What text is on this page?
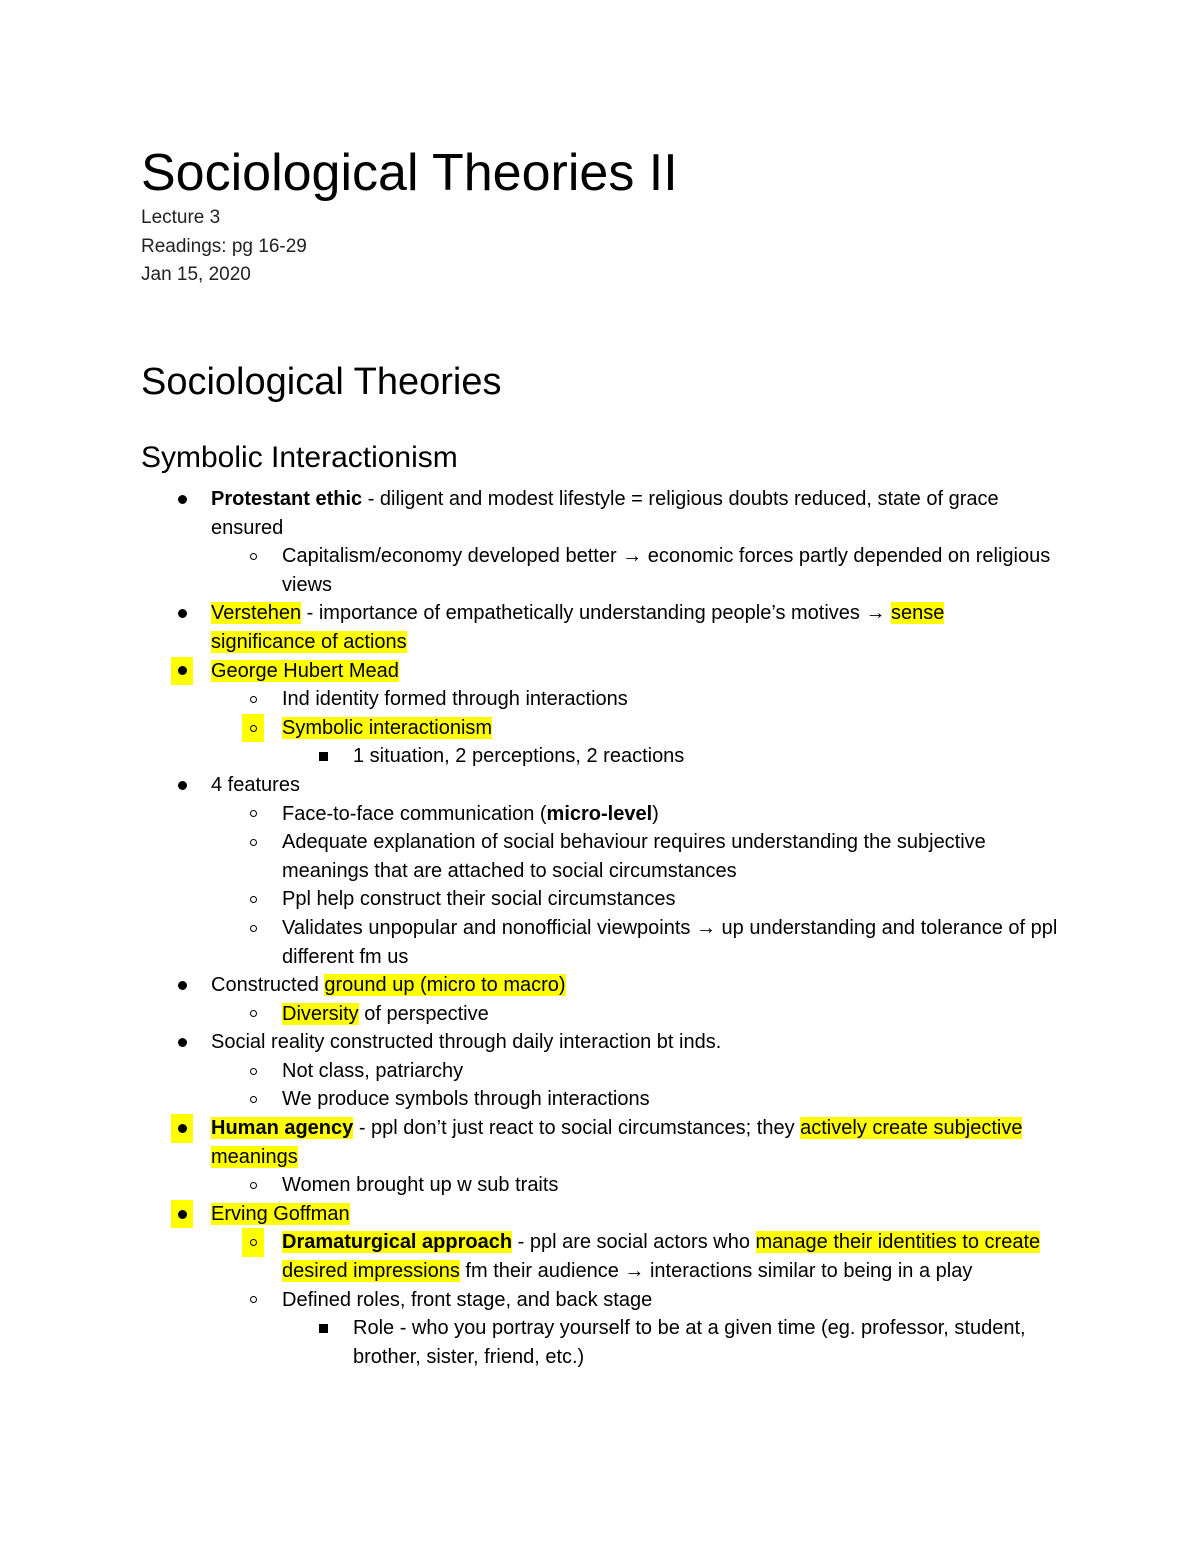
Sociological Theories II
Lecture 3
Readings: pg 16-29
Jan 15, 2020
Sociological Theories
Symbolic Interactionism
Protestant ethic - diligent and modest lifestyle = religious doubts reduced, state of grace ensured
Capitalism/economy developed better → economic forces partly depended on religious views
Verstehen - importance of empathetically understanding people’s motives → sense significance of actions
George Hubert Mead
Ind identity formed through interactions
Symbolic interactionism
1 situation, 2 perceptions, 2 reactions
4 features
Face-to-face communication (micro-level)
Adequate explanation of social behaviour requires understanding the subjective meanings that are attached to social circumstances
Ppl help construct their social circumstances
Validates unpopular and nonofficial viewpoints → up understanding and tolerance of ppl different fm us
Constructed ground up (micro to macro)
Diversity of perspective
Social reality constructed through daily interaction bt inds.
Not class, patriarchy
We produce symbols through interactions
Human agency - ppl don’t just react to social circumstances; they actively create subjective meanings
Women brought up w sub traits
Erving Goffman
Dramaturgical approach - ppl are social actors who manage their identities to create desired impressions fm their audience → interactions similar to being in a play
Defined roles, front stage, and back stage
Role - who you portray yourself to be at a given time (eg. professor, student, brother, sister, friend, etc.)
